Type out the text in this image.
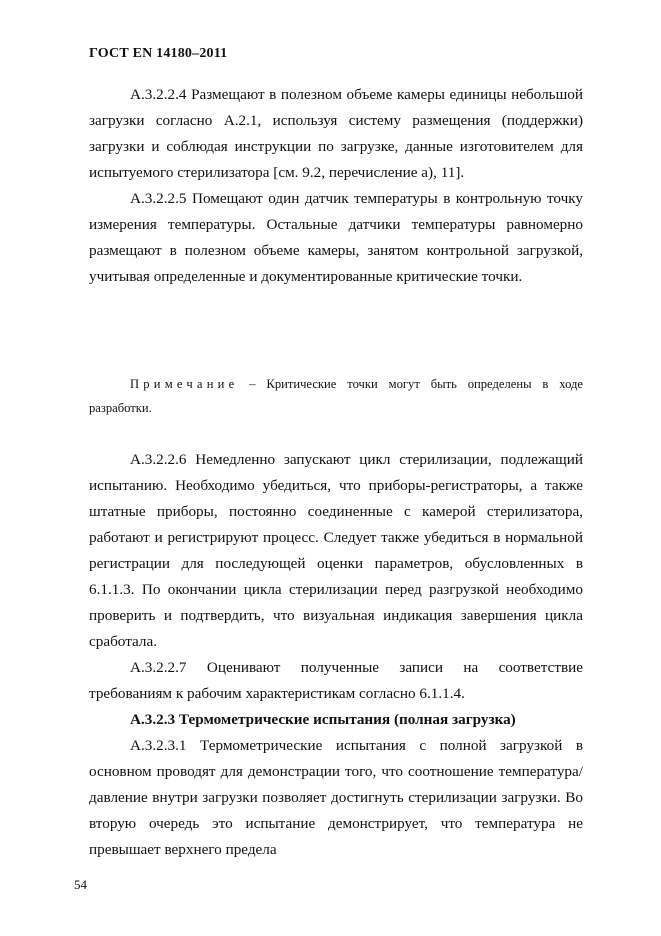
ГОСТ EN 14180–2011

А.3.2.2.4 Размещают в полезном объеме камеры единицы небольшой загрузки согласно А.2.1, используя систему размещения (поддержки) загрузки и соблюдая инструкции по загрузке, данные изготовителем для испытуемого стерилизатора [см. 9.2, перечисление а), 11].

А.3.2.2.5 Помещают один датчик температуры в контрольную точку измерения температуры. Остальные датчики температуры равномерно размещают в полезном объеме камеры, занятом контрольной загрузкой, учитывая определенные и документированные критические точки.

Примечание – Критические точки могут быть определены в ходе разработки.

А.3.2.2.6 Немедленно запускают цикл стерилизации, подлежащий испытанию. Необходимо убедиться, что приборы-регистраторы, а также штатные приборы, постоянно соединенные с камерой стерилизатора, работают и регистрируют процесс. Следует также убедиться в нормальной регистрации для последующей оценки параметров, обусловленных в 6.1.1.3. По окончании цикла стерилизации перед разгрузкой необходимо проверить и подтвердить, что визуальная индикация завершения цикла сработала.

А.3.2.2.7 Оценивают полученные записи на соответствие требованиям к рабочим характеристикам согласно 6.1.1.4.

А.3.2.3 Термометрические испытания (полная загрузка)

А.3.2.3.1 Термометрические испытания с полной загрузкой в основном проводят для демонстрации того, что соотношение температура/давление внутри загрузки позволяет достигнуть стерилизации загрузки. Во вторую очередь это испытание демонстрирует, что температура не превышает верхнего предела

54
